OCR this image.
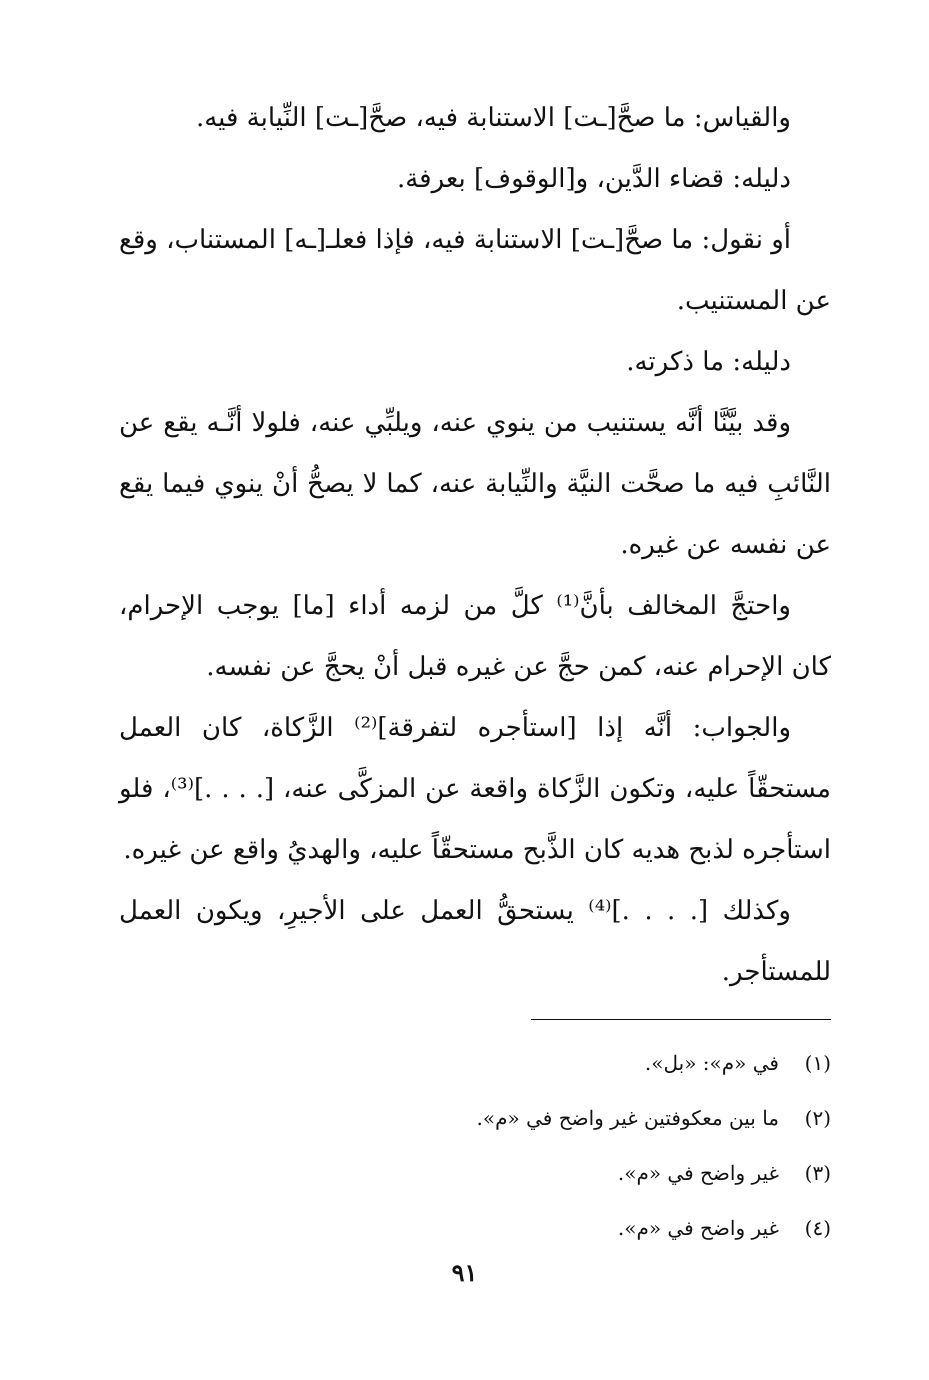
والقياس: ما صحَّ[ـت] الاستنابة فيه، صحَّ[ـت] النِّيابة فيه.

دليله: قضاء الدَّين، و[الوقوف] بعرفة.

أو نقول: ما صحَّ[ـت] الاستنابة فيه، فإذا فعلـ[ـه] المستناب، وقع عن المستنيب.

دليله: ما ذكرته.

وقد بيَّنَّا أنَّه يستنيب من ينوي عنه، ويلبِّي عنه، فلولا أنَّـه يقع عن النَّائبِ فيه ما صحَّت النيَّة والنِّيابة عنه، كما لا يصحُّ أنْ ينوي فيما يقع عن نفسه عن غيره.

واحتجَّ المخالف بأنَّ⁽¹⁾ كلَّ من لزمه أداء [ما] يوجب الإحرام، كان الإحرام عنه، كمن حجَّ عن غيره قبل أنْ يحجَّ عن نفسه.

والجواب: أنَّه إذا [استأجره لتفرقة]⁽²⁾ الزَّكاة، كان العمل مستحقّاً عليه، وتكون الزَّكاة واقعة عن المزكَّى عنه، [. . . .]⁽³⁾، فلو استأجره لذبح هديه كان الذَّبح مستحقّاً عليه، والهديُ واقع عن غيره.

وكذلك [. . . .]⁽⁴⁾ يستحقُّ العمل على الأجيرِ، ويكون العمل للمستأجر.

(١)
في «م»: «بل».
(٢)
ما بين معكوفتين غير واضح في «م».
(٣)
غير واضح في «م».
(٤)
غير واضح في «م».
٩١
